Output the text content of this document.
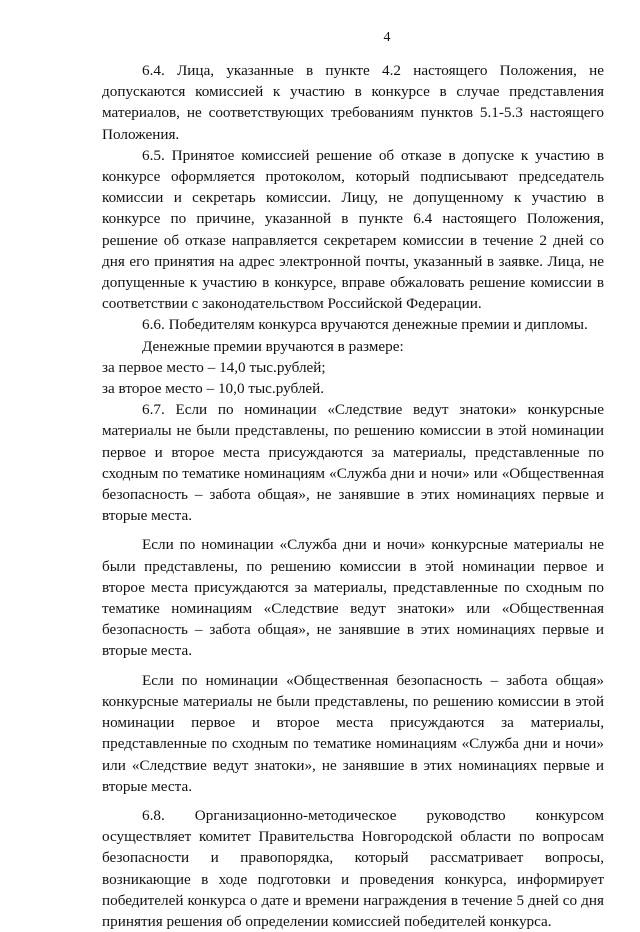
4

6.4. Лица, указанные в пункте 4.2 настоящего Положения, не допускаются комиссией к участию в конкурсе в случае представления материалов, не соответствующих требованиям пунктов 5.1-5.3 настоящего Положения.

6.5. Принятое комиссией решение об отказе в допуске к участию в конкурсе оформляется протоколом, который подписывают председатель комиссии и секретарь комиссии. Лицу, не допущенному к участию в конкурсе по причине, указанной в пункте 6.4 настоящего Положения, решение об отказе направляется секретарем комиссии в течение 2 дней со дня его принятия на адрес электронной почты, указанный в заявке. Лица, не допущенные к участию в конкурсе, вправе обжаловать решение комиссии в соответствии с законодательством Российской Федерации.

6.6. Победителям конкурса вручаются денежные премии и дипломы.

Денежные премии вручаются в размере:

за первое место – 14,0 тыс.рублей;

за второе место – 10,0 тыс.рублей.

6.7. Если по номинации «Следствие ведут знатоки» конкурсные материалы не были представлены, по решению комиссии в этой номинации первое и второе места присуждаются за материалы, представленные по сходным по тематике номинациям «Служба дни и ночи» или «Общественная безопасность – забота общая», не занявшие в этих номинациях первые и вторые места.

Если по номинации «Служба дни и ночи» конкурсные материалы не были представлены, по решению комиссии в этой номинации первое и второе места присуждаются за материалы, представленные по сходным по тематике номинациям «Следствие ведут знатоки» или «Общественная безопасность – забота общая», не занявшие в этих номинациях первые и вторые места.

Если по номинации «Общественная безопасность – забота общая» конкурсные материалы не были представлены, по решению комиссии в этой номинации первое и второе места присуждаются за материалы, представленные по сходным по тематике номинациям «Служба дни и ночи» или «Следствие ведут знатоки», не занявшие в этих номинациях первые и вторые места.

6.8. Организационно-методическое руководство конкурсом осуществляет комитет Правительства Новгородской области по вопросам безопасности и правопорядка, который рассматривает вопросы, возникающие в ходе подготовки и проведения конкурса, информирует победителей конкурса о дате и времени награждения в течение 5 дней со дня принятия решения об определении комиссией победителей конкурса.
